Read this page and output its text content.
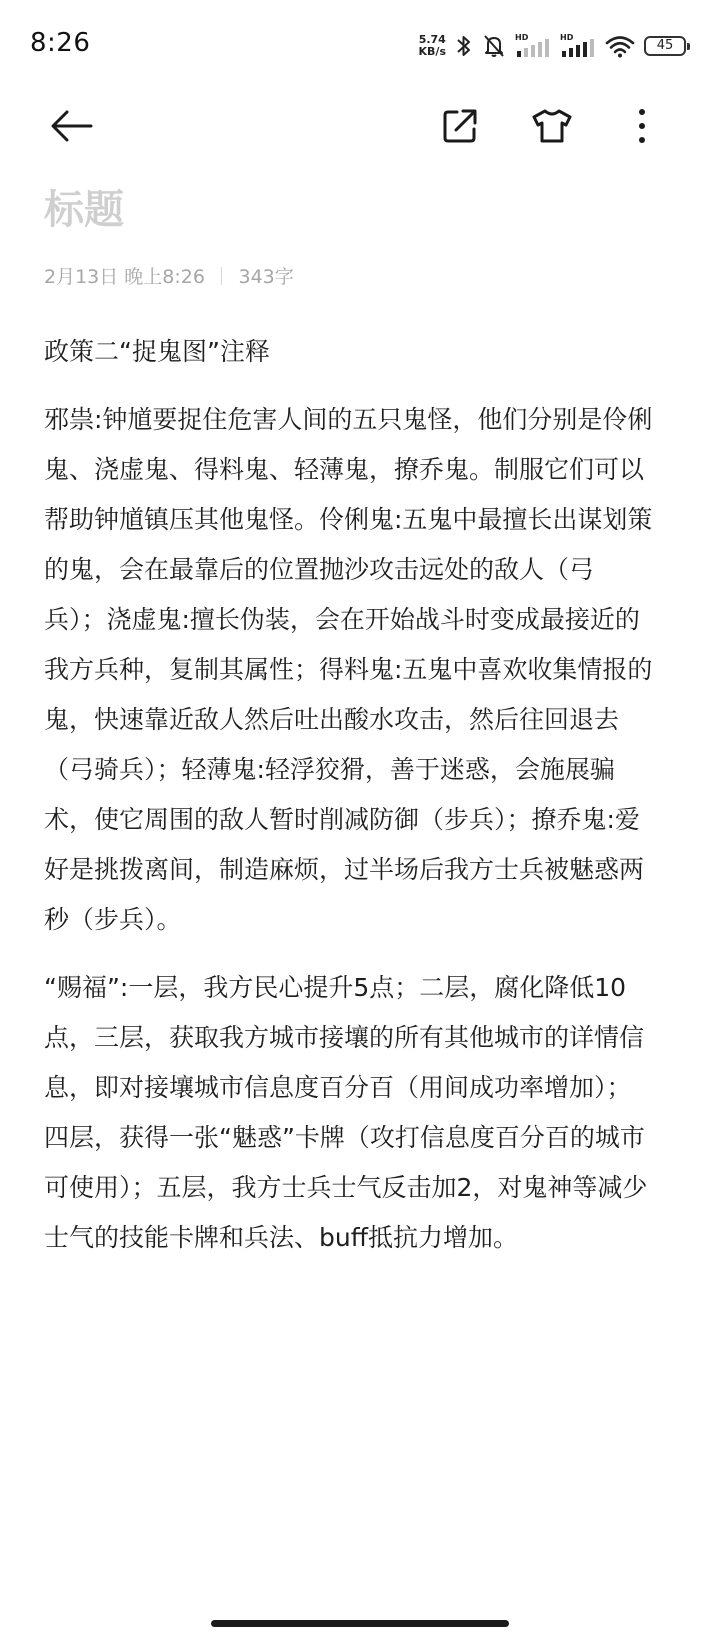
8:26	5.74
KB/s
HD	HD
45
标题
2月13日 晚上8:26 343字

政策二“捉鬼图”注释

邪祟:钟馗要捉住危害人间的五只鬼怪，他们分别是伶俐鬼、浇虚鬼、得料鬼、轻薄鬼，撩乔鬼。制服它们可以帮助钟馗镇压其他鬼怪。伶俐鬼:五鬼中最擅长出谋划策的鬼，会在最靠后的位置抛沙攻击远处的敌人（弓兵）；浇虚鬼:擅长伪装，会在开始战斗时变成最接近的我方兵种，复制其属性；得料鬼:五鬼中喜欢收集情报的鬼，快速靠近敌人然后吐出酸水攻击，然后往回退去（弓骑兵）；轻薄鬼:轻浮狡猾，善于迷惑，会施展骗术，使它周围的敌人暂时削减防御（步兵）；撩乔鬼:爱好是挑拨离间，制造麻烦，过半场后我方士兵被魅惑两秒（步兵）。

“赐福”:一层，我方民心提升5点；二层，腐化降低10点，三层，获取我方城市接壤的所有其他城市的详情信息，即对接壤城市信息度百分百（用间成功率增加）；四层，获得一张“魅惑”卡牌（攻打信息度百分百的城市可使用）；五层，我方士兵士气反击加2，对鬼神等减少士气的技能卡牌和兵法、buff抵抗力增加。
